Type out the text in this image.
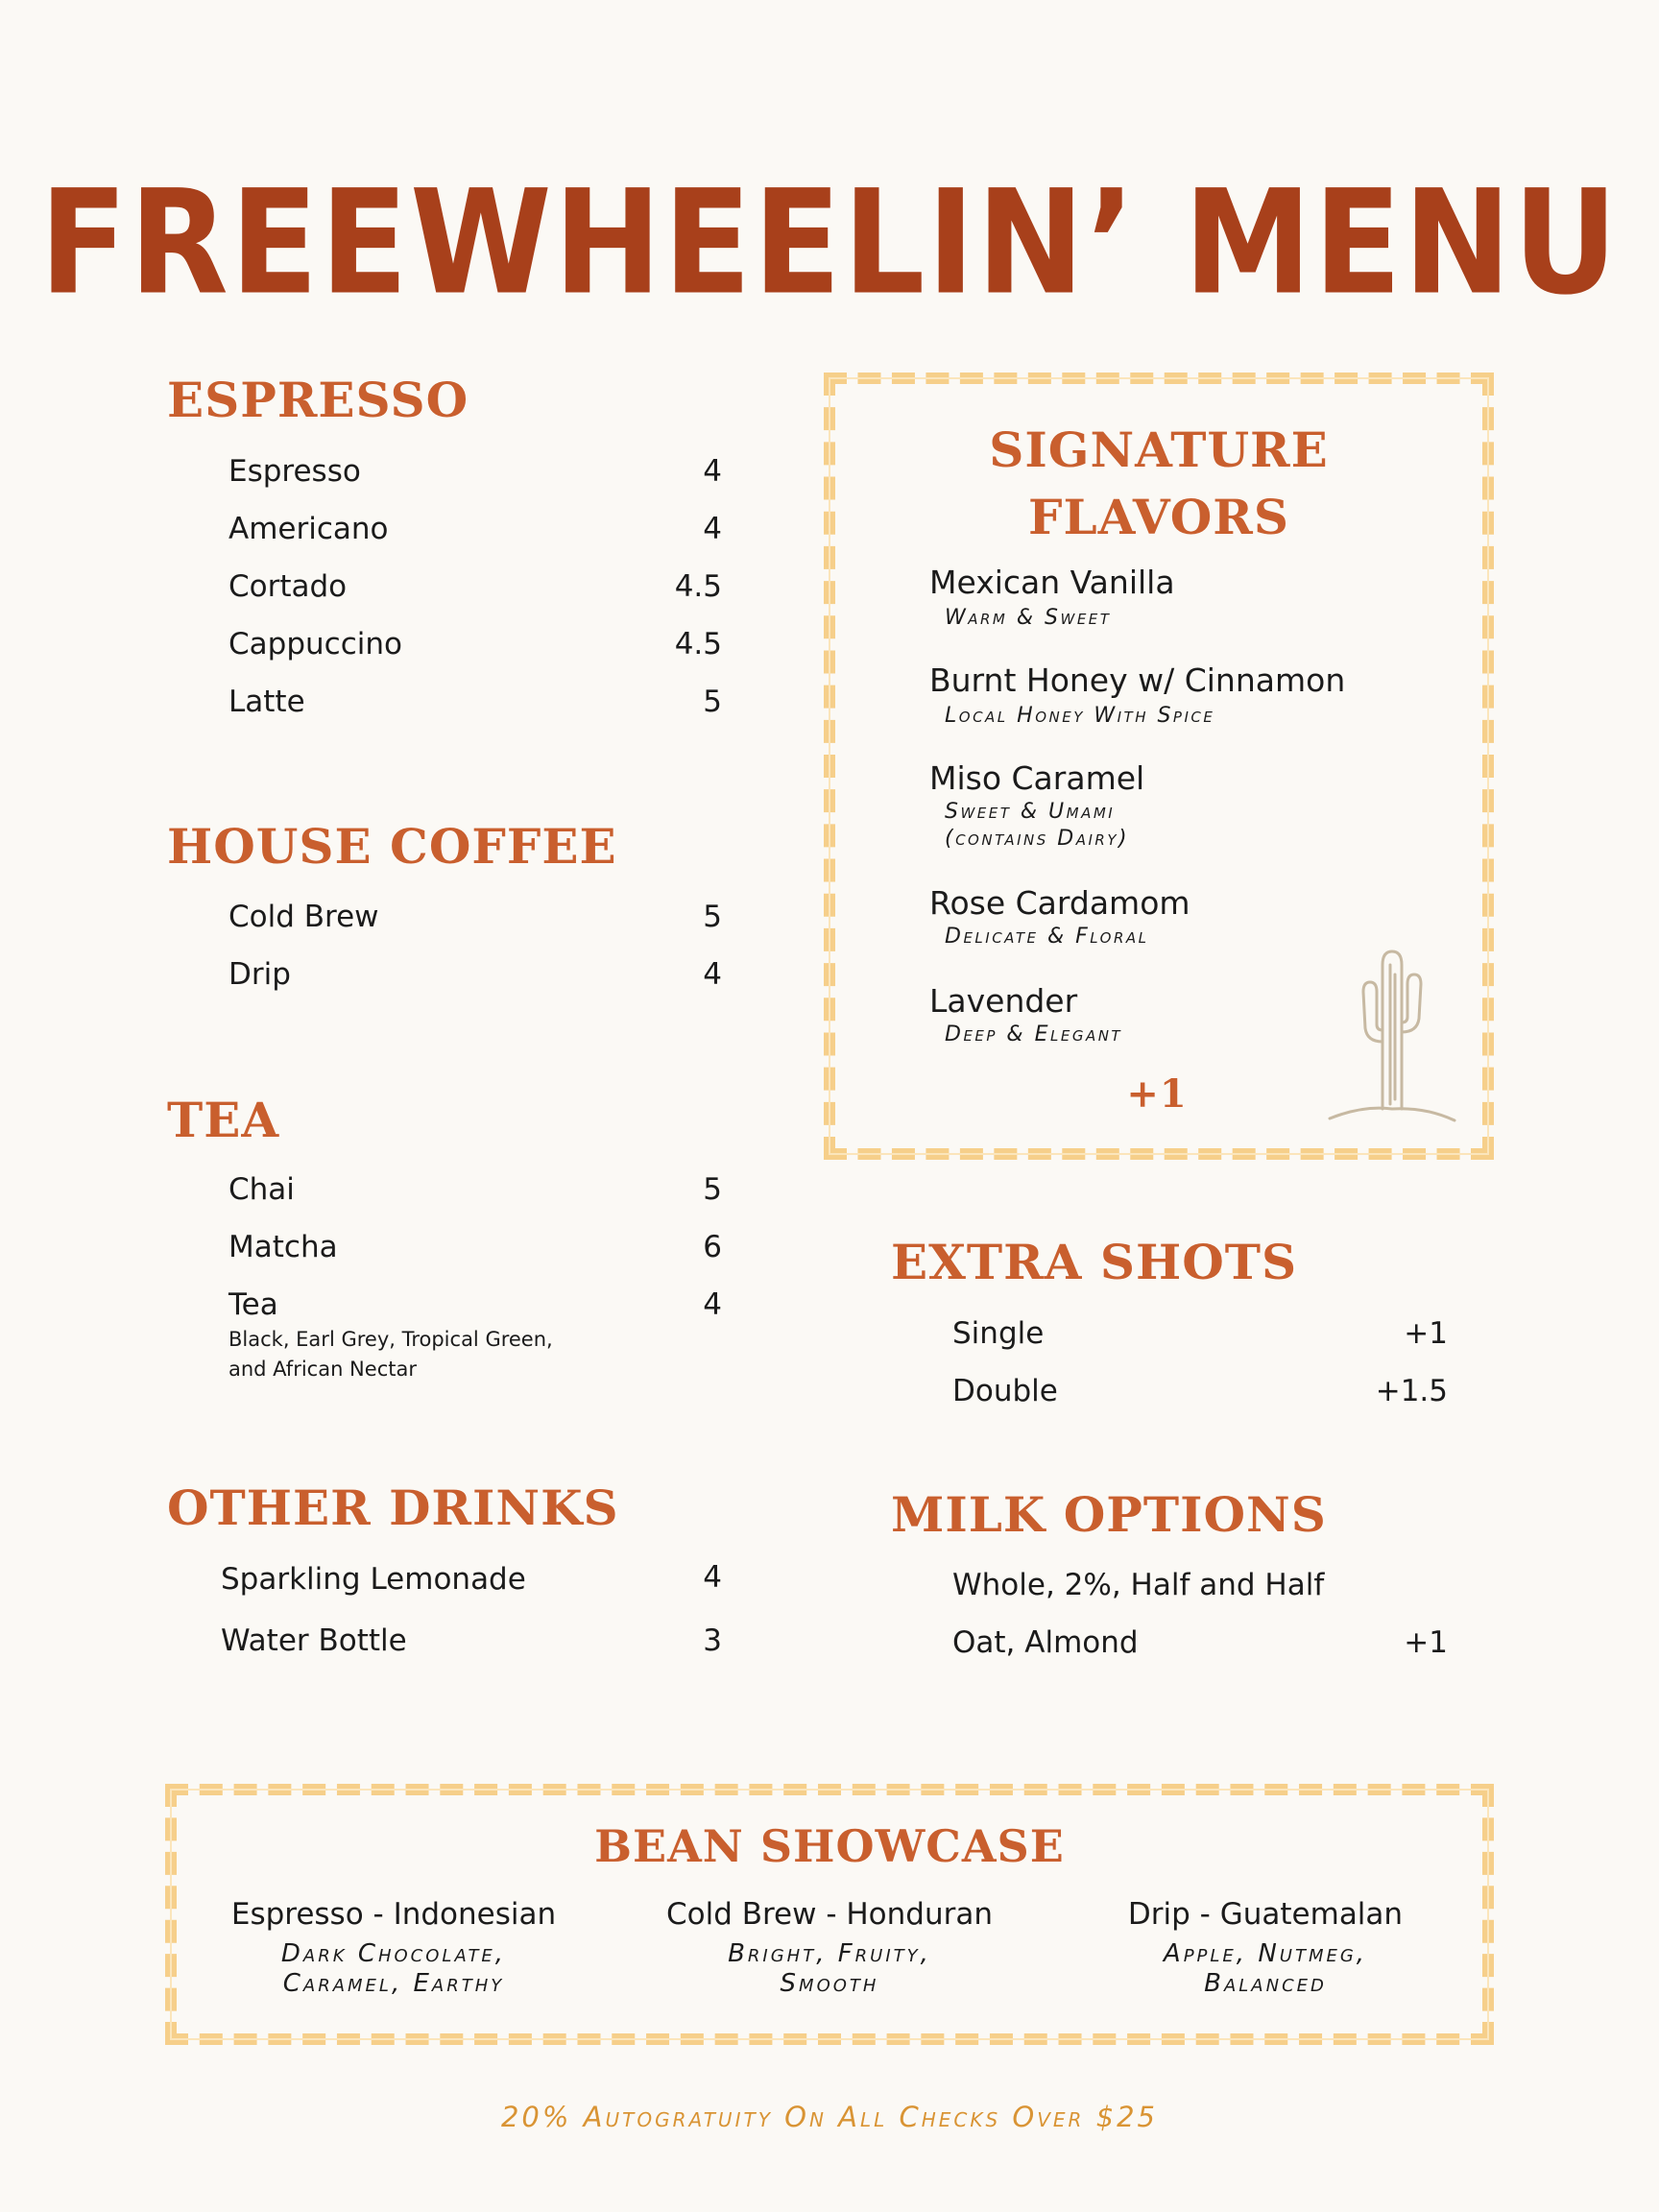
FREEWHEELIN’ MENU
ESPRESSO
Espresso	4
Americano	4
Cortado	4.5
Cappuccino	4.5
Latte	5
HOUSE COFFEE
Cold Brew	5
Drip	4
TEA
Chai	5
Matcha	6
Tea	4
Black, Earl Grey, Tropical Green,
and African Nectar
OTHER DRINKS
Sparkling Lemonade	4
Water Bottle	3
SIGNATURE
FLAVORS
Mexican Vanilla
Warm & Sweet
Burnt Honey w/ Cinnamon
Local Honey With Spice
Miso Caramel
Sweet & Umami
(contains Dairy)
Rose Cardamom
Delicate & Floral
Lavender
Deep & Elegant
+1
EXTRA SHOTS
Single	+1
Double	+1.5
MILK OPTIONS
Whole, 2%, Half and Half
Oat, Almond	+1
BEAN SHOWCASE
Espresso - Indonesian
Dark Chocolate,
Caramel, Earthy
Cold Brew - Honduran
Bright, Fruity,
Smooth
Drip - Guatemalan
Apple, Nutmeg,
Balanced
20% Autogratuity On All Checks Over $25
